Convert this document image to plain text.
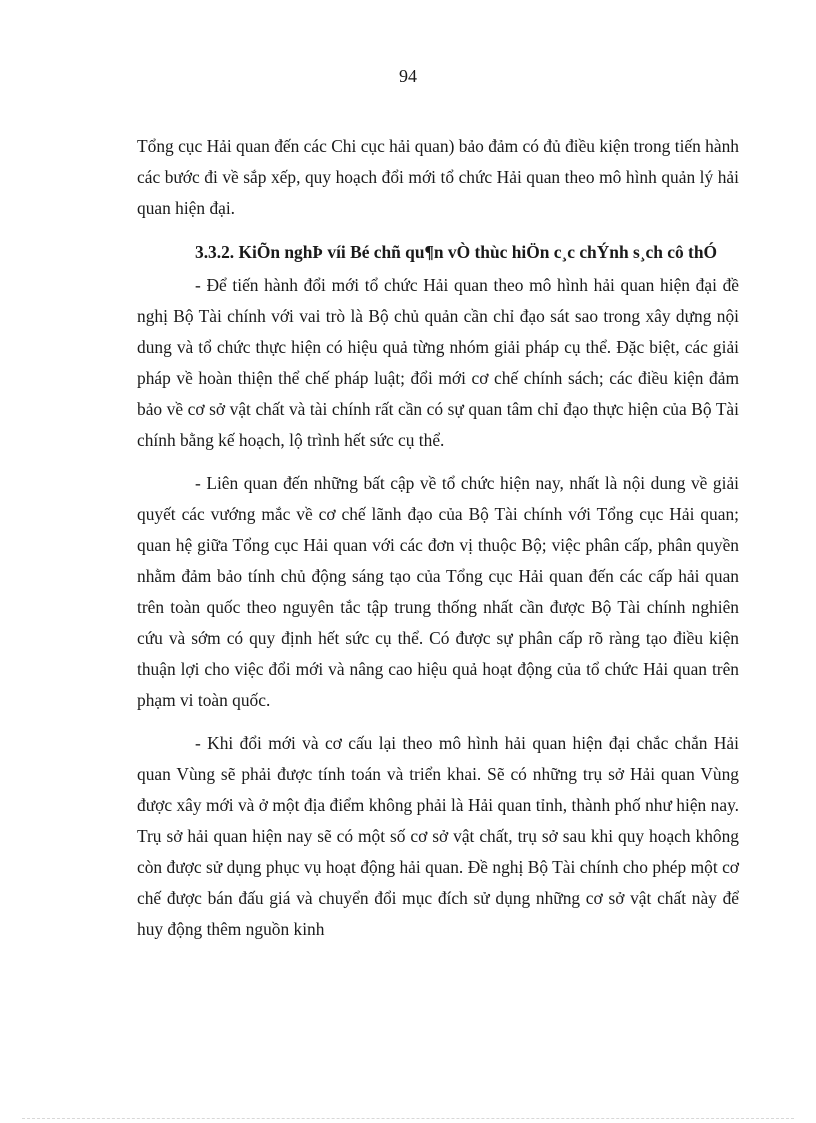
94

Tổng cục Hải quan đến các Chi cục hải quan) bảo đảm có đủ điều kiện trong tiến hành các bước đi về sắp xếp, quy hoạch đổi mới tổ chức Hải quan theo mô hình quản lý hải quan hiện đại.

3.3.2. KiÕn nghÞ víi Bé chñ qu¶n vÒ thùc hiÖn c¸c chÝnh s¸ch cô thÓ

- Để tiến hành đổi mới tổ chức Hải quan theo mô hình hải quan hiện đại đề nghị Bộ Tài chính với vai trò là Bộ chủ quản cần chỉ đạo sát sao trong xây dựng nội dung và tổ chức thực hiện có hiệu quả từng nhóm giải pháp cụ thể. Đặc biệt, các giải pháp về hoàn thiện thể chế pháp luật; đổi mới cơ chế chính sách; các điều kiện đảm bảo về cơ sở vật chất và tài chính rất cần có sự quan tâm chỉ đạo thực hiện của Bộ Tài chính bằng kế hoạch, lộ trình hết sức cụ thể.

- Liên quan đến những bất cập về tổ chức hiện nay, nhất là nội dung về giải quyết các vướng mắc về cơ chế lãnh đạo của Bộ Tài chính với Tổng cục Hải quan; quan hệ giữa Tổng cục Hải quan với các đơn vị thuộc Bộ; việc phân cấp, phân quyền nhằm đảm bảo tính chủ động sáng tạo của Tổng cục Hải quan đến các cấp hải quan trên toàn quốc theo nguyên tắc tập trung thống nhất cần được Bộ Tài chính nghiên cứu và sớm có quy định hết sức cụ thể. Có được sự phân cấp rõ ràng tạo điều kiện thuận lợi cho việc đổi mới và nâng cao hiệu quả hoạt động của tổ chức Hải quan trên phạm vi toàn quốc.

- Khi đổi mới và cơ cấu lại theo mô hình hải quan hiện đại chắc chắn Hải quan Vùng sẽ phải được tính toán và triển khai. Sẽ có những trụ sở Hải quan Vùng được xây mới và ở một địa điểm không phải là Hải quan tỉnh, thành phố như hiện nay. Trụ sở hải quan hiện nay sẽ có một số cơ sở vật chất, trụ sở sau khi quy hoạch không còn được sử dụng phục vụ hoạt động hải quan. Đề nghị Bộ Tài chính cho phép một cơ chế được bán đấu giá và chuyển đổi mục đích sử dụng những cơ sở vật chất này để huy động thêm nguồn kinh
